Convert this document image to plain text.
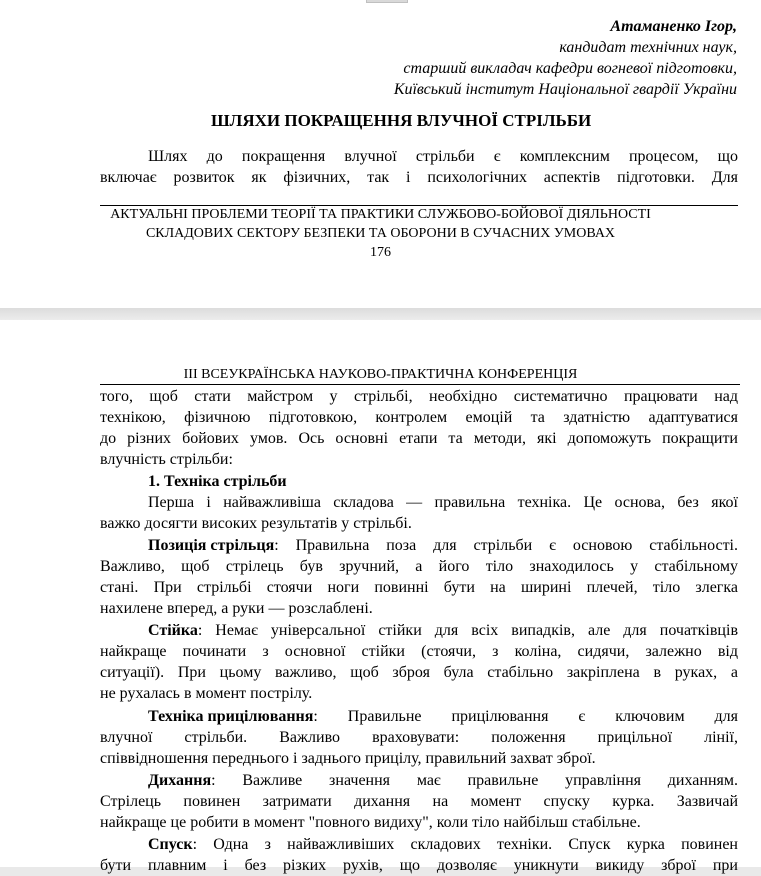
Атаманенко Ігор,
кандидат технічних наук,
старший викладач кафедри вогневої підготовки,
Київський інститут Національної гвардії України
ШЛЯХИ ПОКРАЩЕННЯ ВЛУЧНОЇ СТРІЛЬБИ
Шлях до покращення влучної стрільби є комплексним процесом, що
включає розвиток як фізичних, так і психологічних аспектів підготовки. Для
АКТУАЛЬНІ ПРОБЛЕМИ ТЕОРІЇ ТА ПРАКТИКИ СЛУЖБОВО-БОЙОВОЇ ДІЯЛЬНОСТІ
СКЛАДОВИХ СЕКТОРУ БЕЗПЕКИ ТА ОБОРОНИ В СУЧАСНИХ УМОВАХ
176
ІІІ ВСЕУКРАЇНСЬКА НАУКОВО-ПРАКТИЧНА КОНФЕРЕНЦІЯ
того, щоб стати майстром у стрільбі, необхідно систематично працювати над
технікою, фізичною підготовкою, контролем емоцій та здатністю адаптуватися
до різних бойових умов. Ось основні етапи та методи, які допоможуть покращити
влучність стрільби:
1. Техніка стрільби
Перша і найважливіша складова — правильна техніка. Це основа, без якої
важко досягти високих результатів у стрільбі.
Позиція стрільця : Правильна поза для стрільби є основою стабільності.
Важливо, щоб стрілець був зручний, а його тіло знаходилось у стабільному
стані. При стрільбі стоячи ноги повинні бути на ширині плечей, тіло злегка
нахилене вперед, а руки — розслаблені.
Стійка : Немає універсальної стійки для всіх випадків, але для початківців
найкраще починати з основної стійки (стоячи, з коліна, сидячи, залежно від
ситуації). При цьому важливо, щоб зброя була стабільно закріплена в руках, а
не рухалась в момент пострілу.
Техніка прицілювання : Правильне прицілювання є ключовим для
влучної стрільби. Важливо враховувати: положення прицільної лінії,
співвідношення переднього і заднього прицілу, правильний захват зброї.
Дихання : Важливе значення має правильне управління диханням.
Стрілець повинен затримати дихання на момент спуску курка. Зазвичай
найкраще це робити в момент "повного видиху", коли тіло найбільш стабільне.
Спуск : Одна з найважливіших складових техніки. Спуск курка повинен
бути плавним і без різких рухів, що дозволяє уникнути викиду зброї при
